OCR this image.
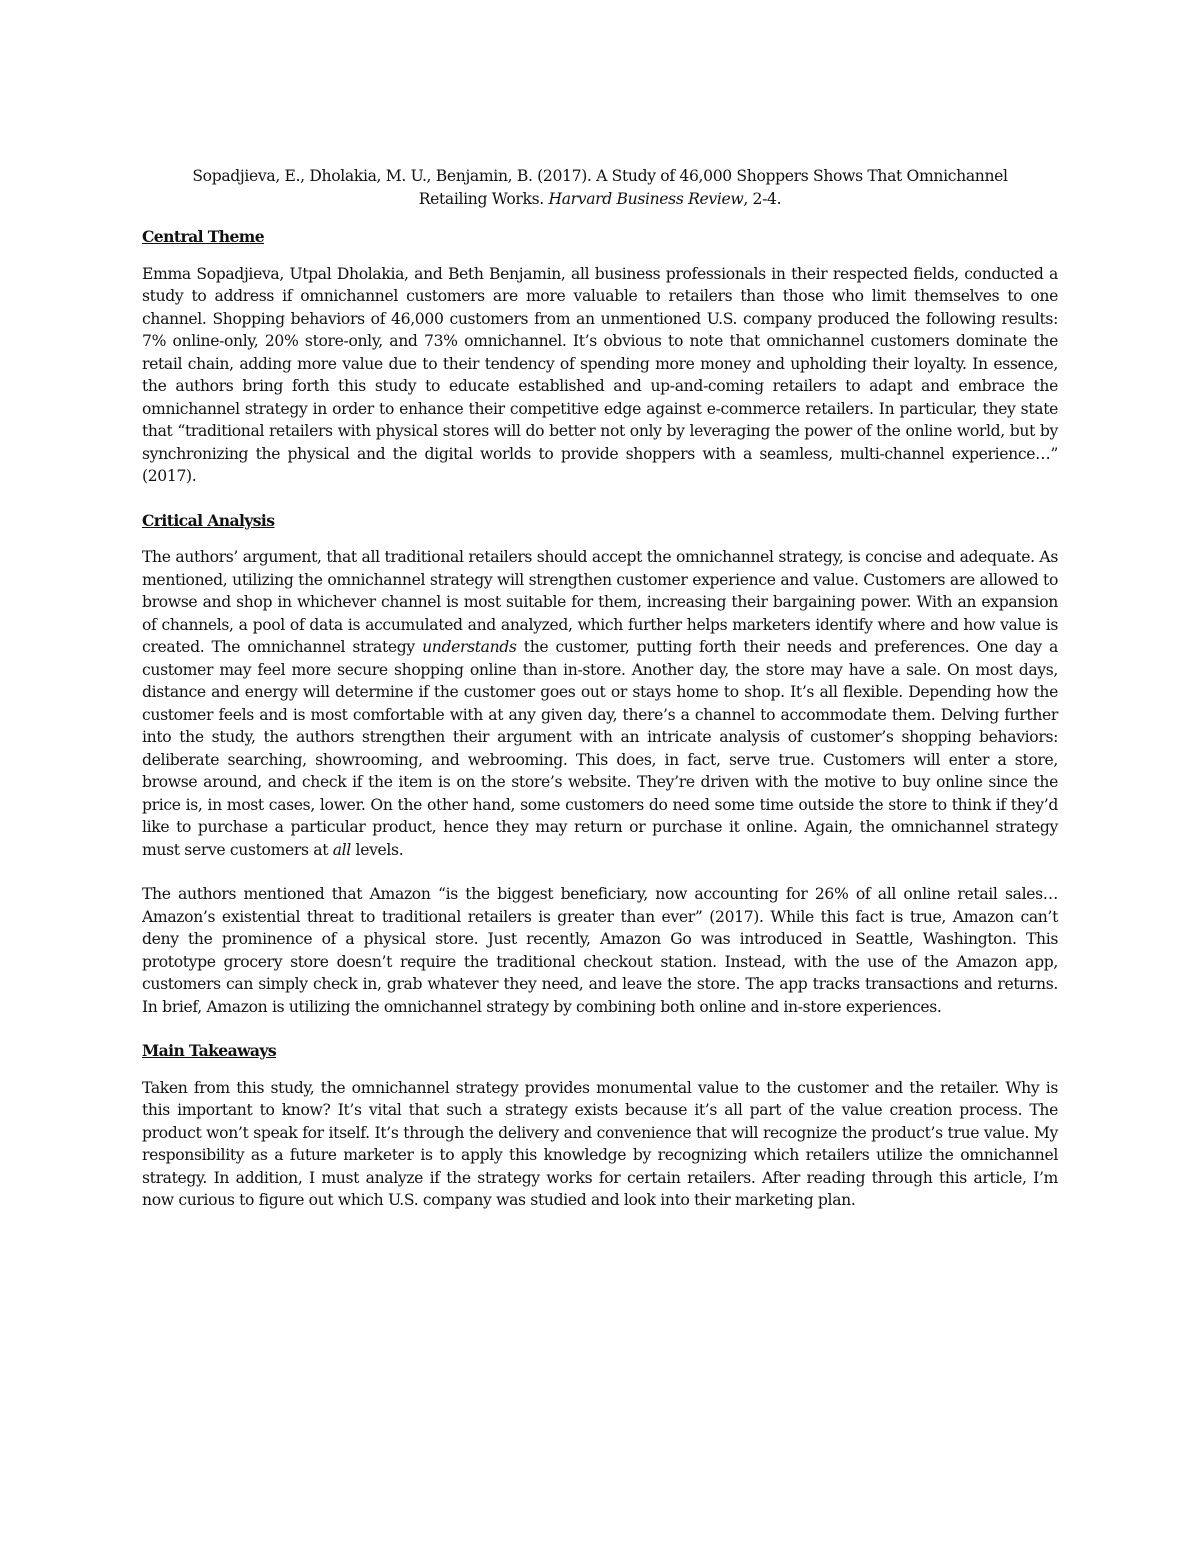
Sopadjieva, E., Dholakia, M. U., Benjamin, B. (2017). A Study of 46,000 Shoppers Shows That Omnichannel
Retailing Works. Harvard Business Review, 2-4.
Central Theme

Emma Sopadjieva, Utpal Dholakia, and Beth Benjamin, all business professionals in their respected fields, conducted a study to address if omnichannel customers are more valuable to retailers than those who limit themselves to one channel. Shopping behaviors of 46,000 customers from an unmentioned U.S. company produced the following results: 7% online-only, 20% store-only, and 73% omnichannel. It’s obvious to note that omnichannel customers dominate the retail chain, adding more value due to their tendency of spending more money and upholding their loyalty. In essence, the authors bring forth this study to educate established and up-and-coming retailers to adapt and embrace the omnichannel strategy in order to enhance their competitive edge against e-commerce retailers. In particular, they state that “traditional retailers with physical stores will do better not only by leveraging the power of the online world, but by synchronizing the physical and the digital worlds to provide shoppers with a seamless, multi-channel experience…” (2017).

Critical Analysis

The authors’ argument, that all traditional retailers should accept the omnichannel strategy, is concise and adequate. As mentioned, utilizing the omnichannel strategy will strengthen customer experience and value. Customers are allowed to browse and shop in whichever channel is most suitable for them, increasing their bargaining power. With an expansion of channels, a pool of data is accumulated and analyzed, which further helps marketers identify where and how value is created. The omnichannel strategy understands the customer, putting forth their needs and preferences. One day a customer may feel more secure shopping online than in-store. Another day, the store may have a sale. On most days, distance and energy will determine if the customer goes out or stays home to shop. It’s all flexible. Depending how the customer feels and is most comfortable with at any given day, there’s a channel to accommodate them. Delving further into the study, the authors strengthen their argument with an intricate analysis of customer’s shopping behaviors: deliberate searching, showrooming, and webrooming. This does, in fact, serve true. Customers will enter a store, browse around, and check if the item is on the store’s website. They’re driven with the motive to buy online since the price is, in most cases, lower. On the other hand, some customers do need some time outside the store to think if they’d like to purchase a particular product, hence they may return or purchase it online. Again, the omnichannel strategy must serve customers at all levels.

The authors mentioned that Amazon “is the biggest beneficiary, now accounting for 26% of all online retail sales… Amazon’s existential threat to traditional retailers is greater than ever” (2017). While this fact is true, Amazon can’t deny the prominence of a physical store. Just recently, Amazon Go was introduced in Seattle, Washington. This prototype grocery store doesn’t require the traditional checkout station. Instead, with the use of the Amazon app, customers can simply check in, grab whatever they need, and leave the store. The app tracks transactions and returns. In brief, Amazon is utilizing the omnichannel strategy by combining both online and in-store experiences.

Main Takeaways

Taken from this study, the omnichannel strategy provides monumental value to the customer and the retailer. Why is this important to know? It’s vital that such a strategy exists because it’s all part of the value creation process. The product won’t speak for itself. It’s through the delivery and convenience that will recognize the product’s true value. My responsibility as a future marketer is to apply this knowledge by recognizing which retailers utilize the omnichannel strategy. In addition, I must analyze if the strategy works for certain retailers. After reading through this article, I’m now curious to figure out which U.S. company was studied and look into their marketing plan.
